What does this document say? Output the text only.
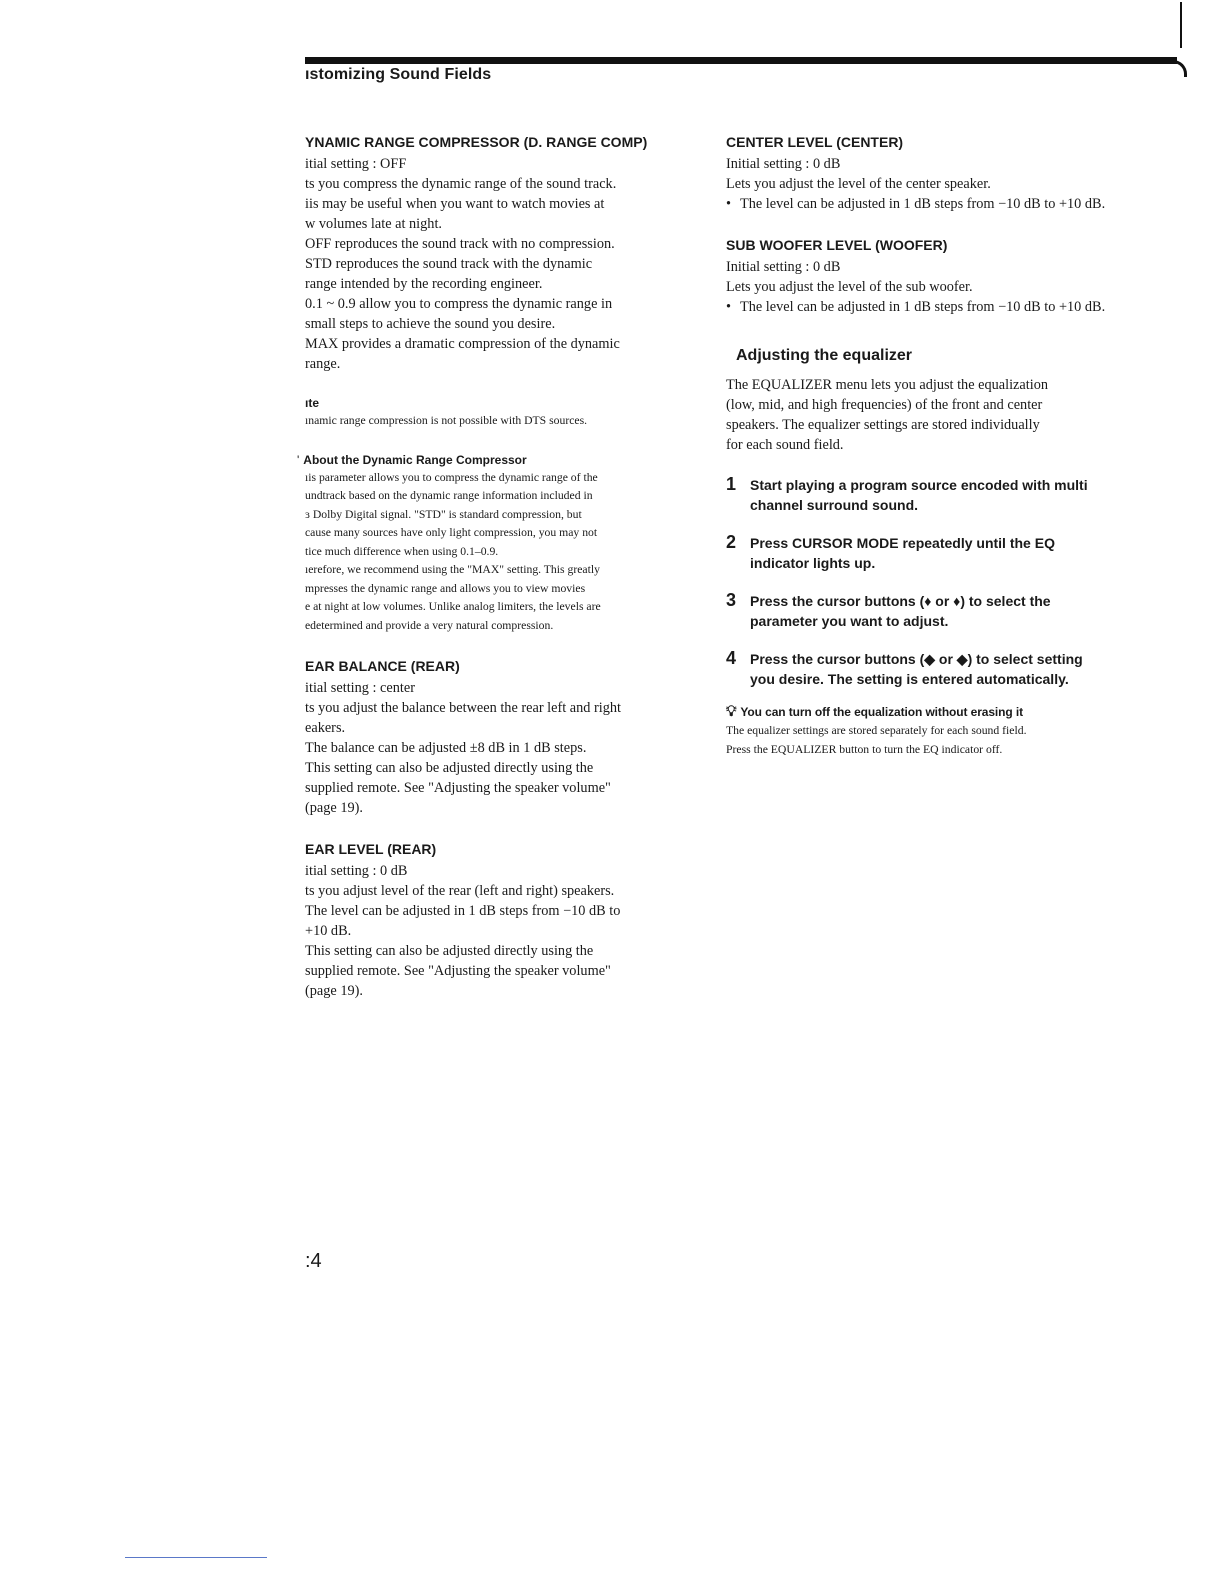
ıstomizing Sound Fields
YNAMIC RANGE COMPRESSOR (D. RANGE COMP)

itial setting : OFF

ts you compress the dynamic range of the sound track.

iis may be useful when you want to watch movies at

w volumes late at night.

OFF reproduces the sound track with no compression.

STD reproduces the sound track with the dynamic

range intended by the recording engineer.

0.1 ~ 0.9 allow you to compress the dynamic range in

small steps to achieve the sound you desire.

MAX provides a dramatic compression of the dynamic

range.

ıte

ınamic range compression is not possible with DTS sources.

' About the Dynamic Range Compressor

ıis parameter allows you to compress the dynamic range of the

undtrack based on the dynamic range information included in

ɜ Dolby Digital signal. "STD" is standard compression, but

cause many sources have only light compression, you may not

tice much difference when using 0.1–0.9.

ıerefore, we recommend using the "MAX" setting. This greatly

mpresses the dynamic range and allows you to view movies

e at night at low volumes. Unlike analog limiters, the levels are

edetermined and provide a very natural compression.

EAR BALANCE (REAR)

itial setting : center

ts you adjust the balance between the rear left and right

eakers.

The balance can be adjusted ±8 dB in 1 dB steps.

This setting can also be adjusted directly using the

supplied remote. See "Adjusting the speaker volume"

(page 19).

EAR LEVEL (REAR)

itial setting : 0 dB

ts you adjust level of the rear (left and right) speakers.

The level can be adjusted in 1 dB steps from −10 dB to

+10 dB.

This setting can also be adjusted directly using the

supplied remote. See "Adjusting the speaker volume"

(page 19).

CENTER LEVEL (CENTER)

Initial setting : 0 dB

Lets you adjust the level of the center speaker.

• The level can be adjusted in 1 dB steps from −10 dB to +10 dB.
SUB WOOFER LEVEL (WOOFER)

Initial setting : 0 dB

Lets you adjust the level of the sub woofer.

• The level can be adjusted in 1 dB steps from −10 dB to +10 dB.
Adjusting the equalizer

The EQUALIZER menu lets you adjust the equalization

(low, mid, and high frequencies) of the front and center

speakers. The equalizer settings are stored individually

for each sound field.

1 Start playing a program source encoded with multi channel surround sound.
2 Press CURSOR MODE repeatedly until the EQ indicator lights up.
3 Press the cursor buttons (♦ or ♦) to select the parameter you want to adjust.
4 Press the cursor buttons (◆ or ◆) to select setting you desire. The setting is entered automatically.
💡︎ You can turn off the equalization without erasing it

The equalizer settings are stored separately for each sound field.

Press the EQUALIZER button to turn the EQ indicator off.

:4
